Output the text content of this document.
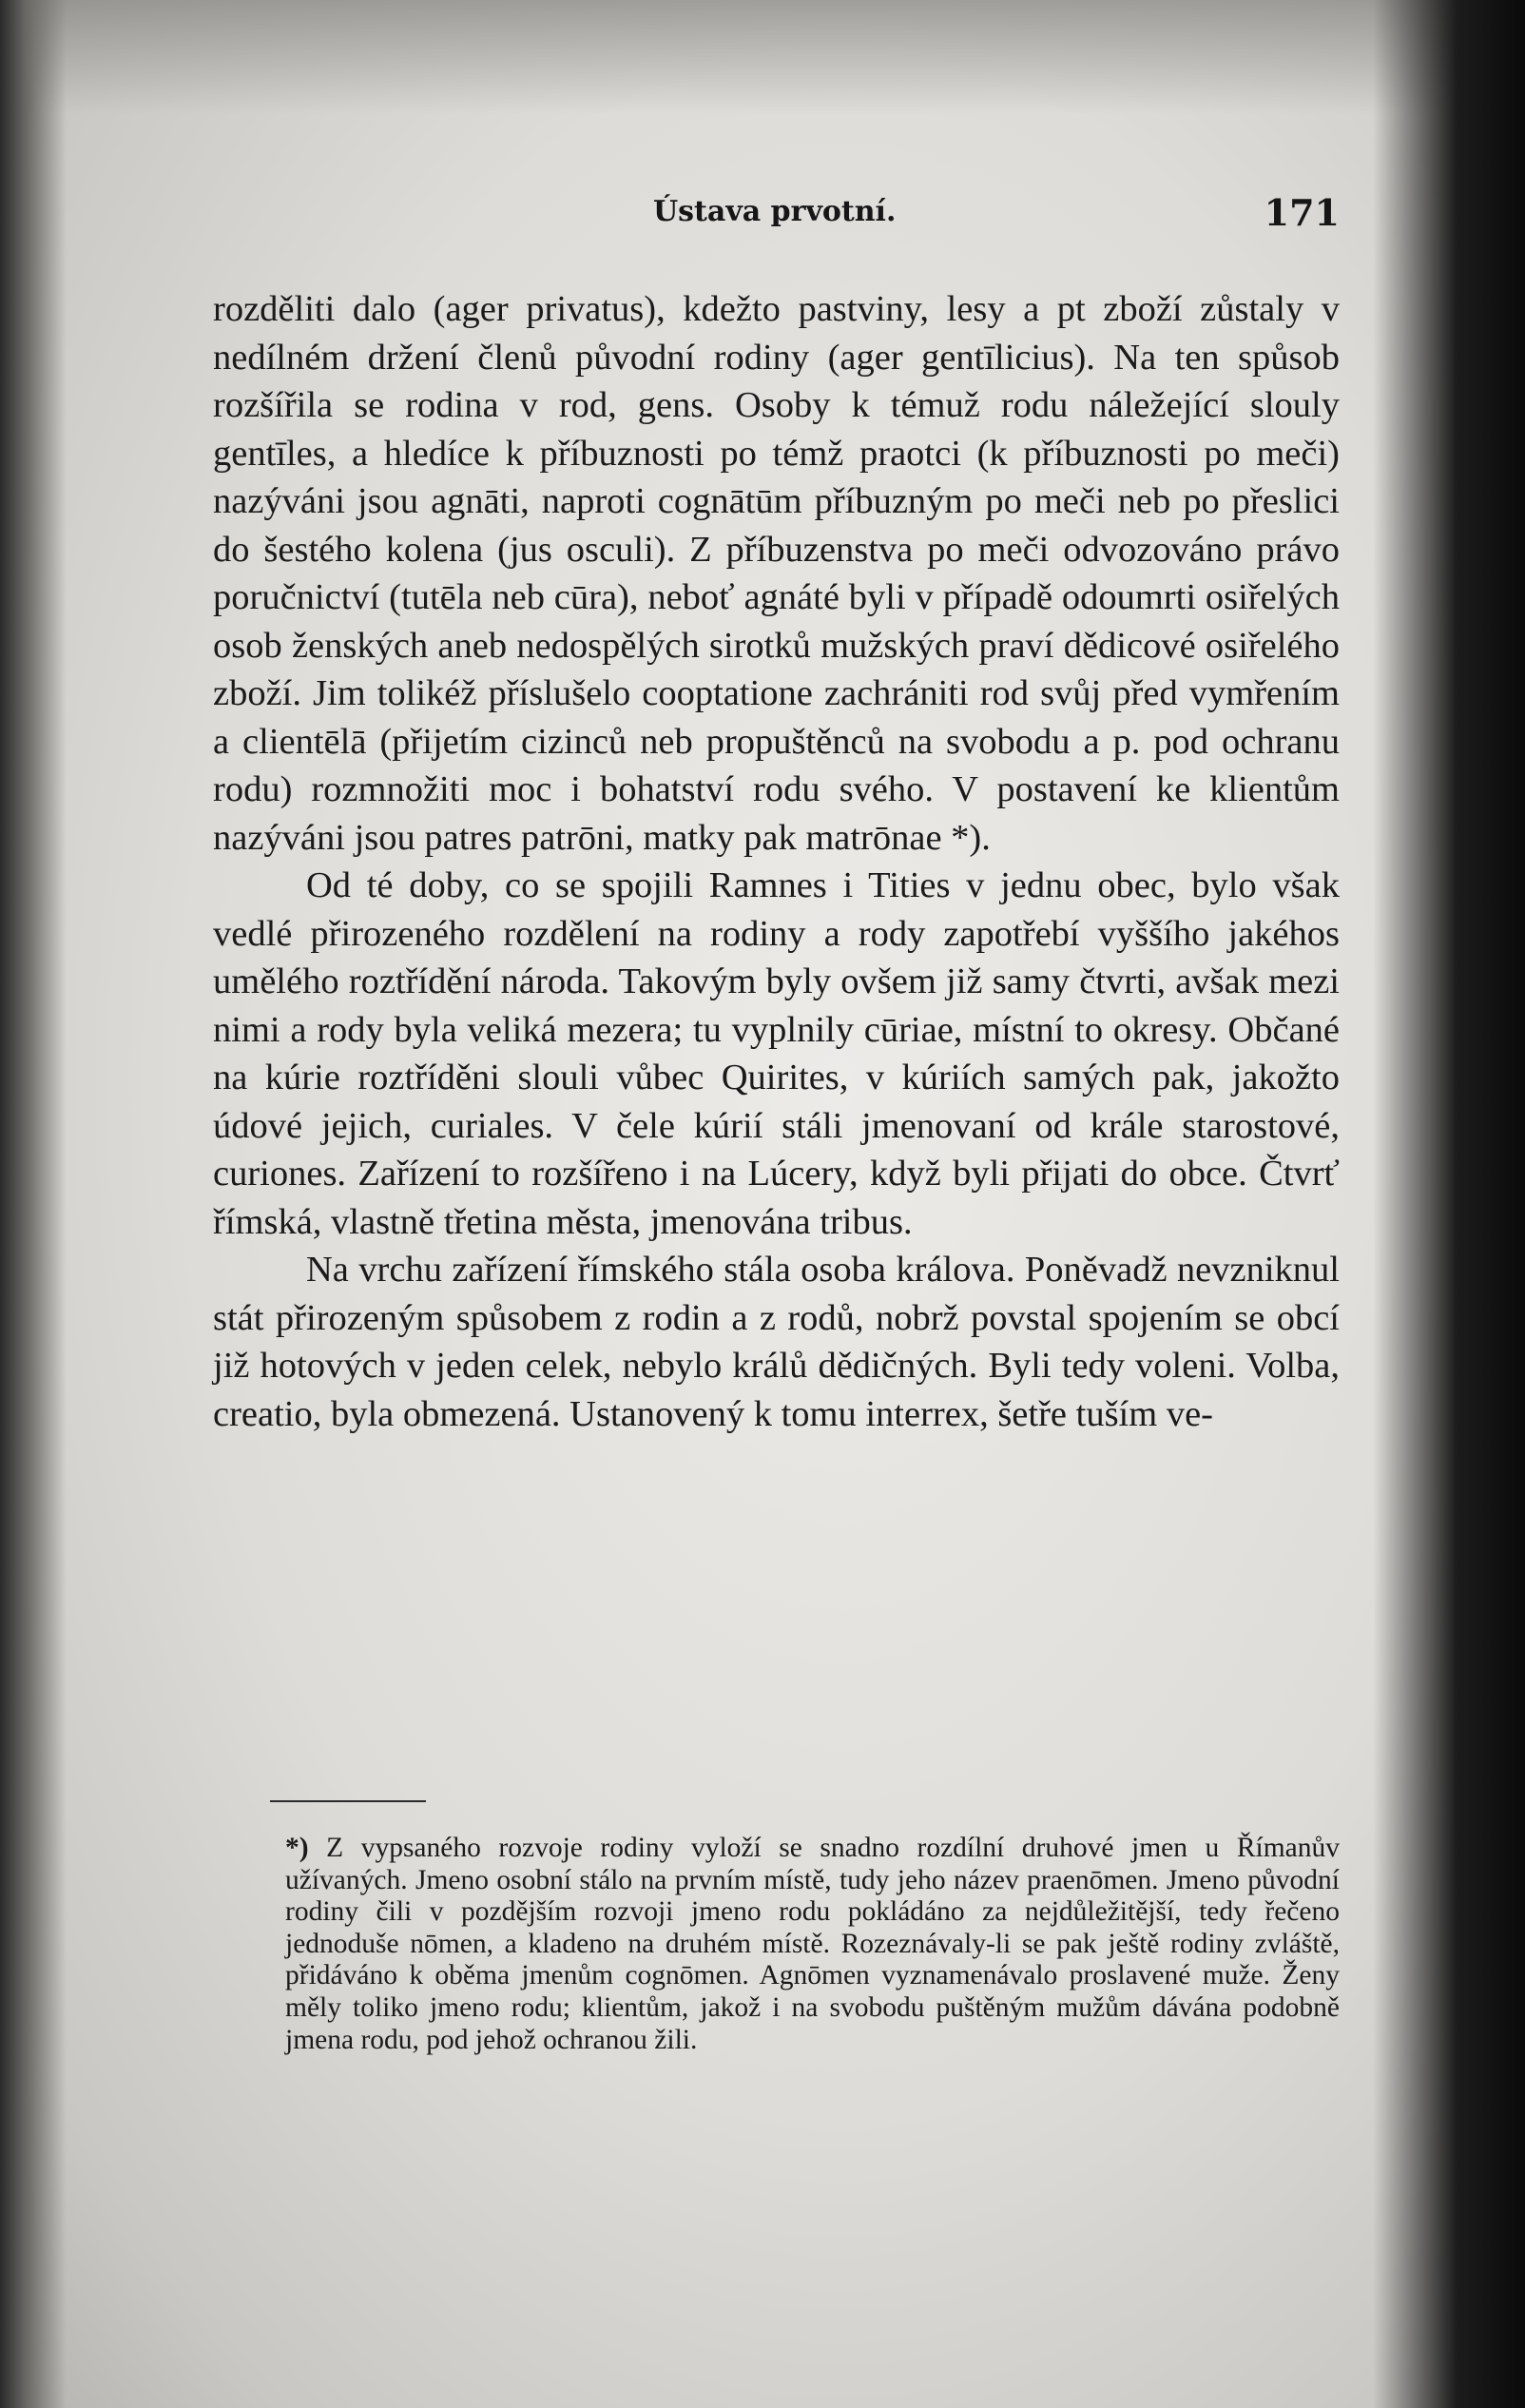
Ústava prvotní.	171

rozděliti dalo (ager privatus), kdežto pastviny, lesy a pt zboží zůstaly v nedílném držení členů původní rodiny (ager gentīlicius). Na ten spůsob rozšířila se rodina v rod, gens. Osoby k témuž rodu náležející slouly gentīles, a hledíce k příbuznosti po témž praotci (k příbuznosti po meči) nazýváni jsou agnāti, naproti cognātūm příbuzným po meči neb po přeslici do šestého kolena (jus osculi). Z příbuzenstva po meči odvozováno právo poručnictví (tutēla neb cūra), neboť agnáté byli v případě odoumrti osiřelých osob ženských aneb nedospělých sirotků mužských praví dědicové osiřelého zboží. Jim tolikéž příslušelo cooptatione zachrániti rod svůj před vymřením a clientēlā (přijetím cizinců neb propuštěnců na svobodu a p. pod ochranu rodu) rozmnožiti moc i bohatství rodu svého. V postavení ke klientům nazýváni jsou patres patrōni, matky pak matrōnae *).

Od té doby, co se spojili Ramnes i Tities v jednu obec, bylo však vedlé přirozeného rozdělení na rodiny a rody zapotřebí vyššího jakéhos umělého roztřídění národa. Takovým byly ovšem již samy čtvrti, avšak mezi nimi a rody byla veliká mezera; tu vyplnily cūriae, místní to okresy. Občané na kúrie roztříděni slouli vůbec Quirites, v kúriích samých pak, jakožto údové jejich, curiales. V čele kúrií stáli jmenovaní od krále starostové, curiones. Zařízení to rozšířeno i na Lúcery, když byli přijati do obce. Čtvrť římská, vlastně třetina města, jmenována tribus.

Na vrchu zařízení římského stála osoba králova. Poněvadž nevzniknul stát přirozeným spůsobem z rodin a z rodů, nobrž povstal spojením se obcí již hotových v jeden celek, nebylo králů dědičných. Byli tedy voleni. Volba, creatio, byla obmezená. Ustanovený k tomu interrex, šetře tuším ve-

*) Z vypsaného rozvoje rodiny vyloží se snadno rozdílní druhové jmen u Římanův užívaných. Jmeno osobní stálo na prvním místě, tudy jeho název praenōmen. Jmeno původní rodiny čili v pozdějším rozvoji jmeno rodu pokládáno za nejdůležitější, tedy řečeno jednoduše nōmen, a kladeno na druhém místě. Rozeznávaly-li se pak ještě rodiny zvláště, přidáváno k oběma jmenům cognōmen. Agnōmen vyznamenávalo proslavené muže. Ženy měly toliko jmeno rodu; klientům, jakož i na svobodu puštěným mužům dávána podobně jmena rodu, pod jehož ochranou žili.
